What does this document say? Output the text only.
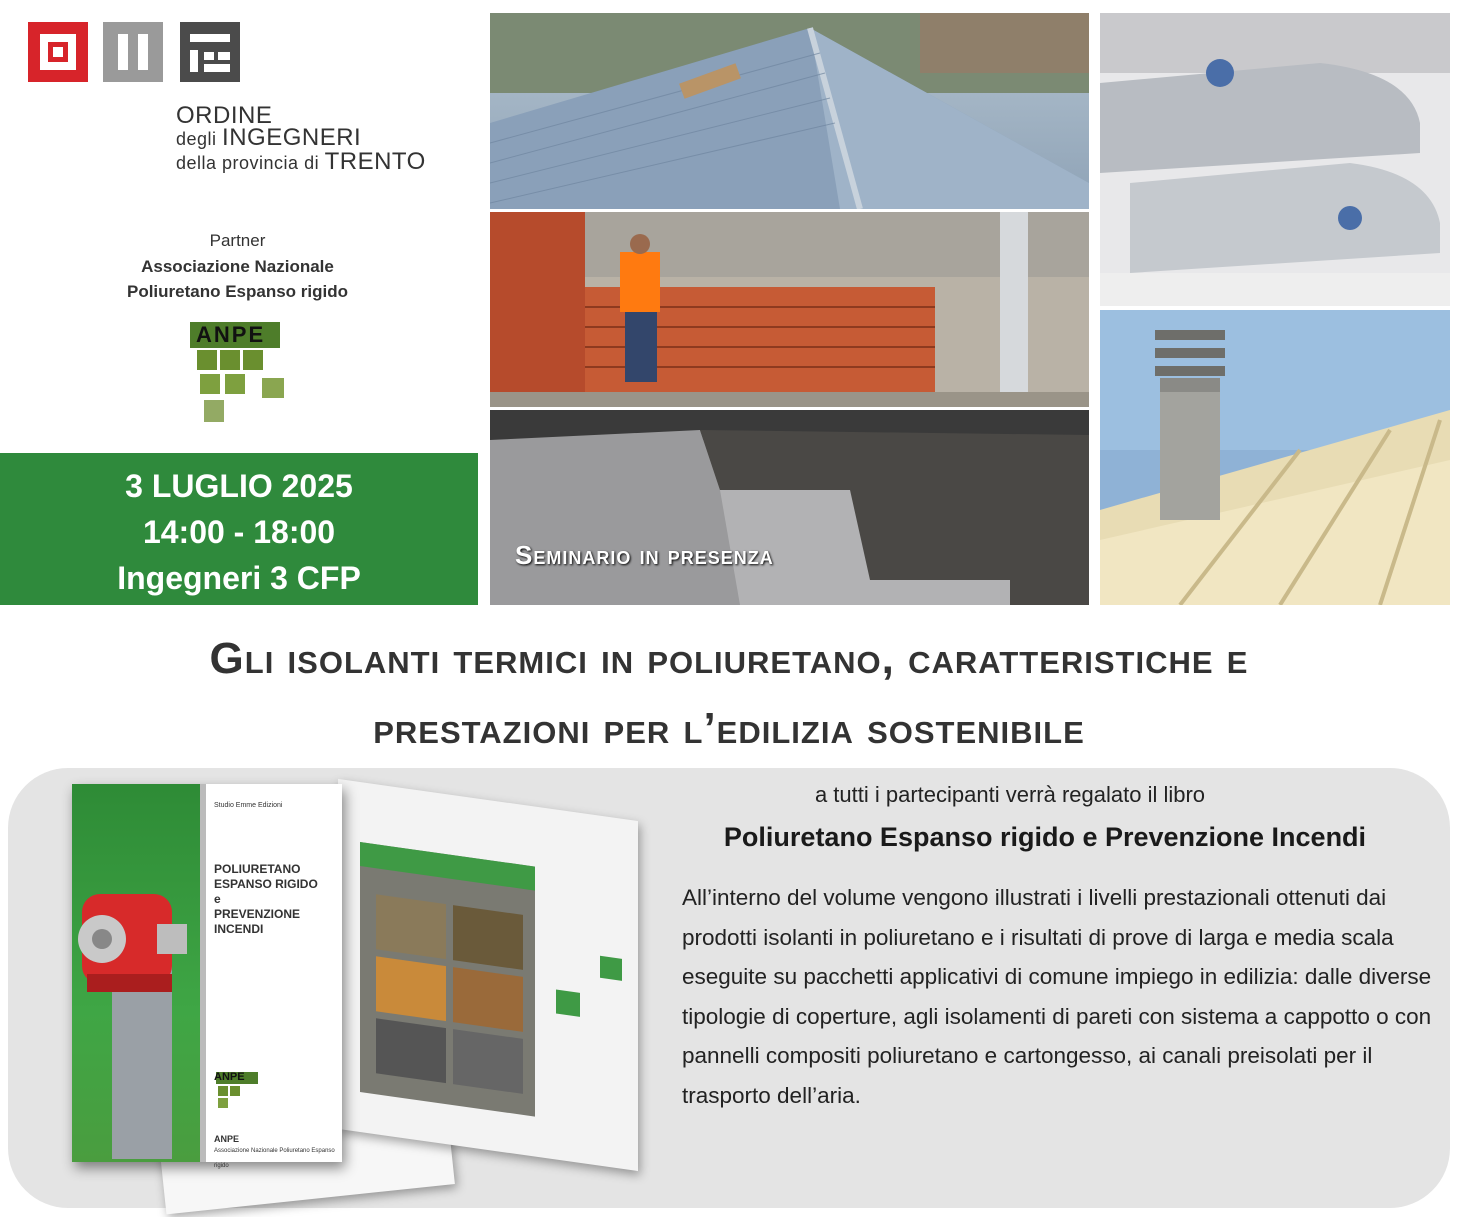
ORDINE
degli INGEGNERI
della provincia di TRENTO
Partner
Associazione Nazionale
Poliuretano Espanso rigido
ANPE
3 LUGLIO 2025
14:00 - 18:00
Ingegneri 3 CFP
Seminario in presenza
Gli isolanti termici in poliuretano, caratteristiche e
prestazioni per l’edilizia sostenibile
Studio Emme Edizioni
POLIURETANO
ESPANSO RIGIDO
e
PREVENZIONE
INCENDI
ANPE
ANPE
Associazione Nazionale Poliuretano Espanso rigido
a tutti i partecipanti verrà regalato il libro
Poliuretano Espanso rigido e Prevenzione Incendi
All’interno del volume vengono illustrati i livelli prestazionali ottenuti dai prodotti isolanti in poliuretano e i risultati di prove di larga e media scala eseguite su pacchetti applicativi di comune impiego in edilizia: dalle diverse tipologie di coperture, agli isolamenti di pareti con sistema a cappotto o con pannelli compositi poliuretano e cartongesso, ai canali preisolati per il trasporto dell’aria.
